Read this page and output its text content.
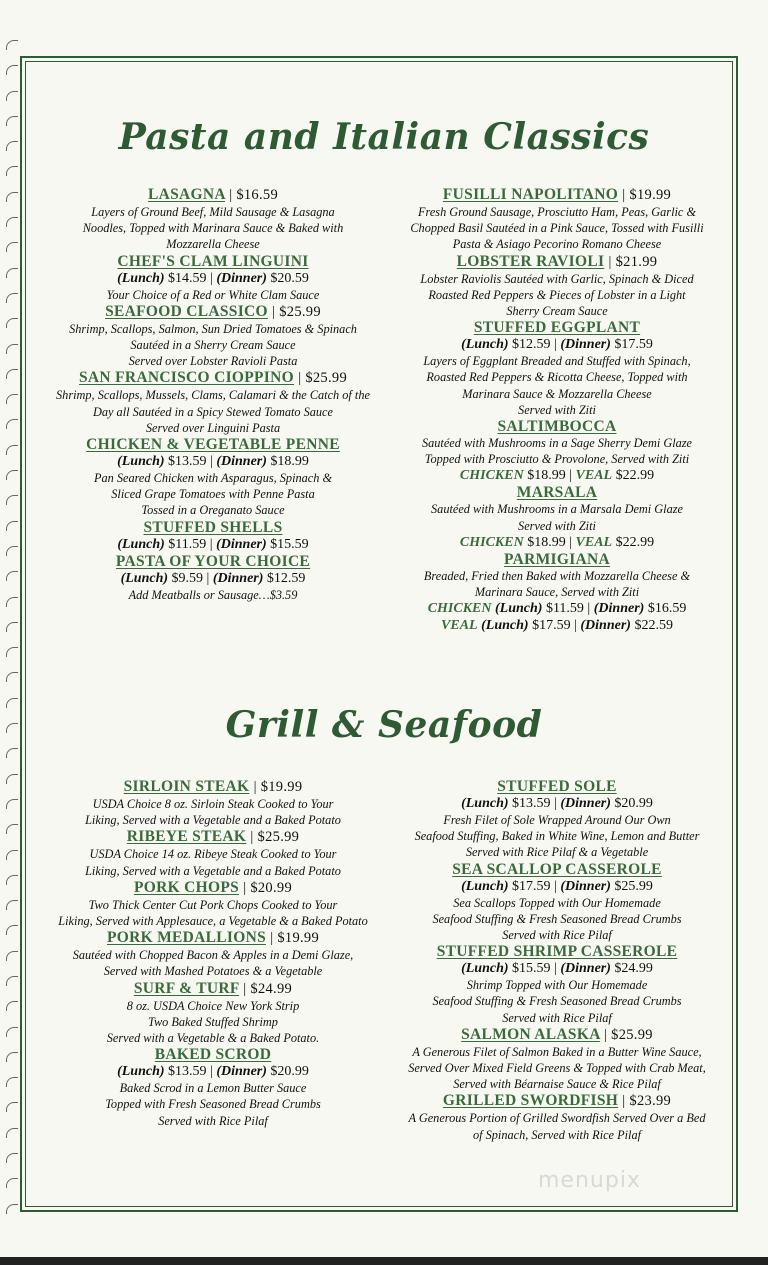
Pasta and Italian Classics
LASAGNA | $16.59
Layers of Ground Beef, Mild Sausage & Lasagna
Noodles, Topped with Marinara Sauce & Baked with
Mozzarella Cheese
CHEF'S CLAM LINGUINI
(Lunch) $14.59 | (Dinner) $20.59
Your Choice of a Red or White Clam Sauce
SEAFOOD CLASSICO | $25.99
Shrimp, Scallops, Salmon, Sun Dried Tomatoes & Spinach
Sautéed in a Sherry Cream Sauce
Served over Lobster Ravioli Pasta
SAN FRANCISCO CIOPPINO | $25.99
Shrimp, Scallops, Mussels, Clams, Calamari & the Catch of the
Day all Sautéed in a Spicy Stewed Tomato Sauce
Served over Linguini Pasta
CHICKEN & VEGETABLE PENNE
(Lunch) $13.59 | (Dinner) $18.99
Pan Seared Chicken with Asparagus, Spinach &
Sliced Grape Tomatoes with Penne Pasta
Tossed in a Oreganato Sauce
STUFFED SHELLS
(Lunch) $11.59 | (Dinner) $15.59
PASTA OF YOUR CHOICE
(Lunch) $9.59 | (Dinner) $12.59
Add Meatballs or Sausage…$3.59
FUSILLI NAPOLITANO | $19.99
Fresh Ground Sausage, Prosciutto Ham, Peas, Garlic &
Chopped Basil Sautéed in a Pink Sauce, Tossed with Fusilli
Pasta & Asiago Pecorino Romano Cheese
LOBSTER RAVIOLI | $21.99
Lobster Raviolis Sautéed with Garlic, Spinach & Diced
Roasted Red Peppers & Pieces of Lobster in a Light
Sherry Cream Sauce
STUFFED EGGPLANT
(Lunch) $12.59 | (Dinner) $17.59
Layers of Eggplant Breaded and Stuffed with Spinach,
Roasted Red Peppers & Ricotta Cheese, Topped with
Marinara Sauce & Mozzarella Cheese
Served with Ziti
SALTIMBOCCA
Sautéed with Mushrooms in a Sage Sherry Demi Glaze
Topped with Prosciutto & Provolone, Served with Ziti
CHICKEN $18.99 | VEAL $22.99
MARSALA
Sautéed with Mushrooms in a Marsala Demi Glaze
Served with Ziti
CHICKEN $18.99 | VEAL $22.99
PARMIGIANA
Breaded, Fried then Baked with Mozzarella Cheese &
Marinara Sauce, Served with Ziti
CHICKEN (Lunch) $11.59 | (Dinner) $16.59
VEAL (Lunch) $17.59 | (Dinner) $22.59
Grill & Seafood
SIRLOIN STEAK | $19.99
USDA Choice 8 oz. Sirloin Steak Cooked to Your
Liking, Served with a Vegetable and a Baked Potato
RIBEYE STEAK | $25.99
USDA Choice 14 oz. Ribeye Steak Cooked to Your
Liking, Served with a Vegetable and a Baked Potato
PORK CHOPS | $20.99
Two Thick Center Cut Pork Chops Cooked to Your
Liking, Served with Applesauce, a Vegetable & a Baked Potato
PORK MEDALLIONS | $19.99
Sautéed with Chopped Bacon & Apples in a Demi Glaze,
Served with Mashed Potatoes & a Vegetable
SURF & TURF | $24.99
8 oz. USDA Choice New York Strip
Two Baked Stuffed Shrimp
Served with a Vegetable & a Baked Potato.
BAKED SCROD
(Lunch) $13.59 | (Dinner) $20.99
Baked Scrod in a Lemon Butter Sauce
Topped with Fresh Seasoned Bread Crumbs
Served with Rice Pilaf
STUFFED SOLE
(Lunch) $13.59 | (Dinner) $20.99
Fresh Filet of Sole Wrapped Around Our Own
Seafood Stuffing, Baked in White Wine, Lemon and Butter
Served with Rice Pilaf & a Vegetable
SEA SCALLOP CASSEROLE
(Lunch) $17.59 | (Dinner) $25.99
Sea Scallops Topped with Our Homemade
Seafood Stuffing & Fresh Seasoned Bread Crumbs
Served with Rice Pilaf
STUFFED SHRIMP CASSEROLE
(Lunch) $15.59 | (Dinner) $24.99
Shrimp Topped with Our Homemade
Seafood Stuffing & Fresh Seasoned Bread Crumbs
Served with Rice Pilaf
SALMON ALASKA | $25.99
A Generous Filet of Salmon Baked in a Butter Wine Sauce,
Served Over Mixed Field Greens & Topped with Crab Meat,
Served with Béarnaise Sauce & Rice Pilaf
GRILLED SWORDFISH | $23.99
A Generous Portion of Grilled Swordfish Served Over a Bed
of Spinach, Served with Rice Pilaf
menupix
